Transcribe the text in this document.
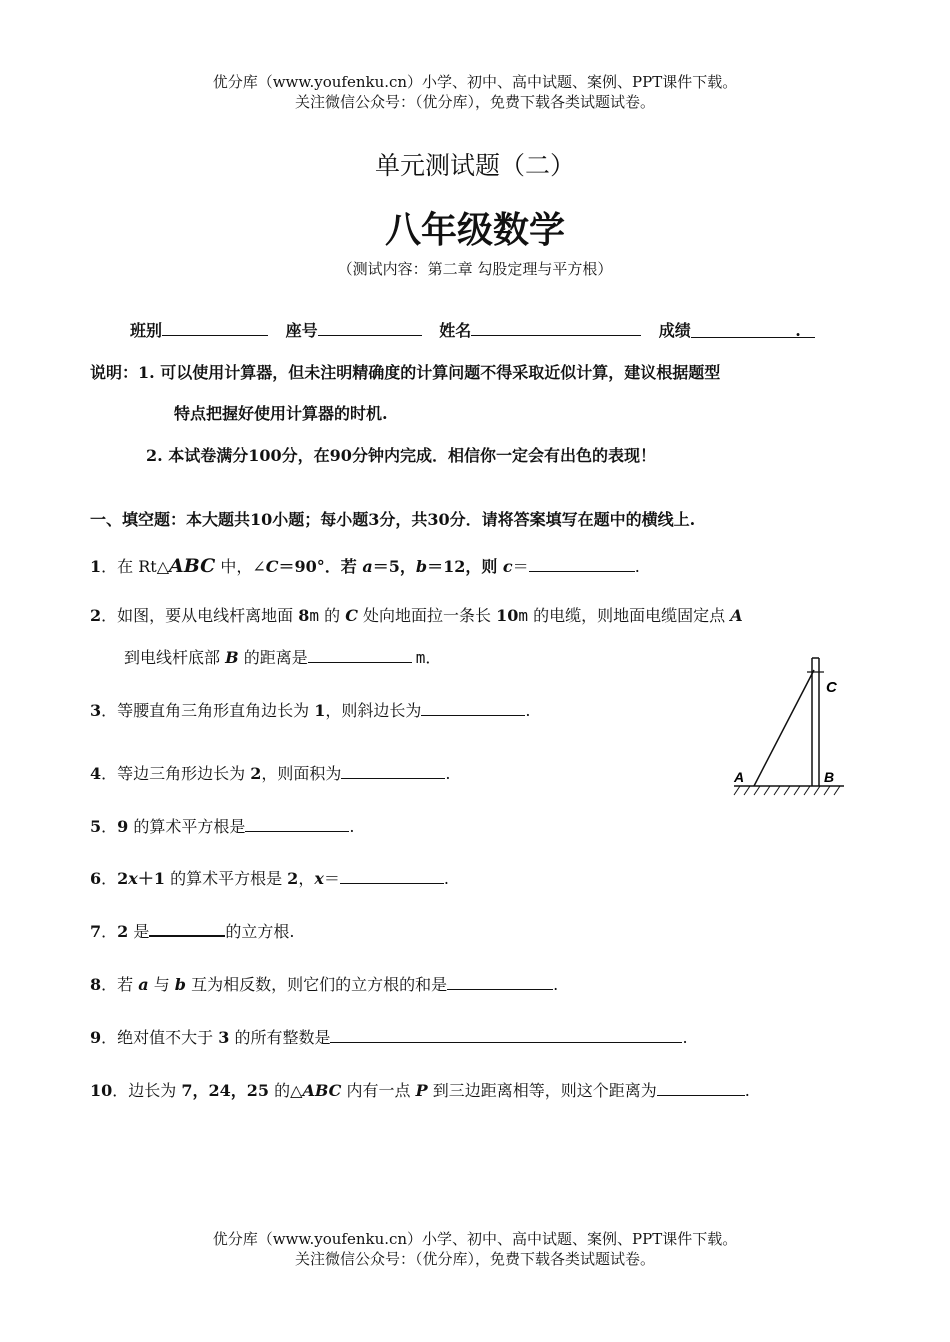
优分库（www.youfenku.cn）小学、初中、高中试题、案例、PPT课件下载。
关注微信公众号：（优分库），免费下载各类试题试卷。
单元测试题（二）
八年级数学
（测试内容：第二章 勾股定理与平方根）
班别	座号	姓名	成绩	.
说明：1. 可以使用计算器，但未注明精确度的计算问题不得采取近似计算，建议根据题型
特点把握好使用计算器的时机.
2. 本试卷满分100分，在90分钟内完成．相信你一定会有出色的表现！
一、填空题：本大题共10小题；每小题3分，共30分．请将答案填写在题中的横线上.
1．在 Rt△ABC 中，∠C＝90°．若 a＝5，b＝12，则 c＝	.
2．如图，要从电线杆离地面 8m 的 C 处向地面拉一条长 10m 的电缆，则地面电缆固定点 A
到电线杆底部 B 的距离是	m．
3．等腰直角三角形直角边长为 1，则斜边长为	.
4．等边三角形边长为 2，则面积为	.	A	B
C
5．9 的算术平方根是	.
6．2x＋1 的算术平方根是 2，x＝	.
7．2 是	的立方根.
8．若 a 与 b 互为相反数，则它们的立方根的和是	.
9．绝对值不大于 3 的所有整数是	.
10．边长为 7，24，25 的△ABC 内有一点 P 到三边距离相等，则这个距离为	.
优分库（www.youfenku.cn）小学、初中、高中试题、案例、PPT课件下载。
关注微信公众号：（优分库），免费下载各类试题试卷。
